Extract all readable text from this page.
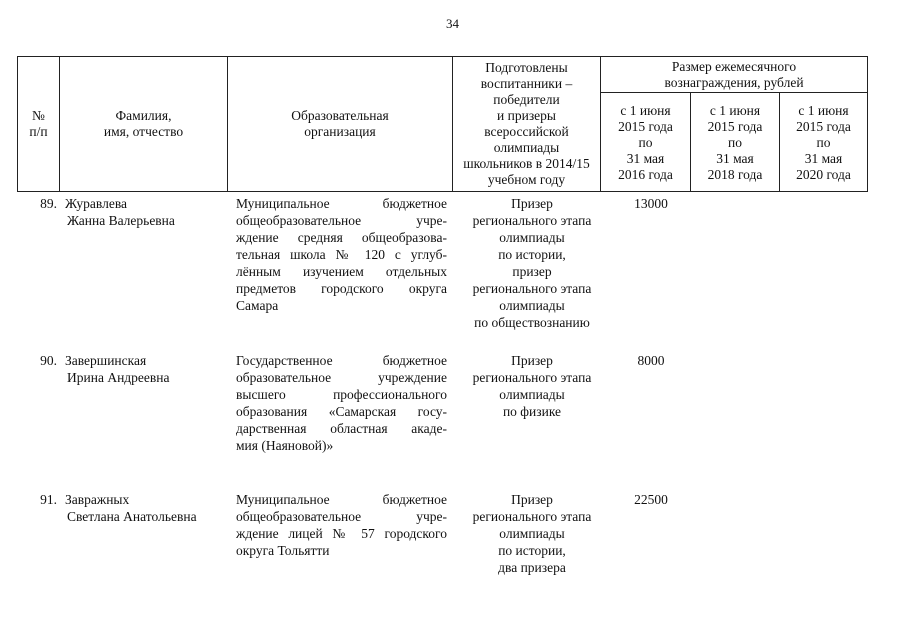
34
№
п/п
Фамилия,
имя, отчество
Образовательная
организация
Подготовлены
воспитанники –
победители
и призеры
всероссийской
олимпиады
школьников в 2014/15
учебном году
Размер ежемесячного
вознаграждения, рублей
с 1 июня
2015 года
по
31 мая
2016 года
с 1 июня
2015 года
по
31 мая
2018 года
с 1 июня
2015 года
по
31 мая
2020 года
89. Журавлева
Жанна Валерьевна
Муниципальное бюджетное
общеобразовательное учре-
ждение средняя общеобразова-
тельная школа № 120 с углуб-
лённым изучением отдельных
предметов городского округа
Самара
Призер
регионального этапа
олимпиады
по истории,
призер
регионального этапа
олимпиады
по обществознанию
13000
90. Завершинская
Ирина Андреевна
Государственное бюджетное
образовательное учреждение
высшего профессионального
образования «Самарская госу-
дарственная областная акаде-
мия (Наяновой)»
Призер
регионального этапа
олимпиады
по физике
8000
91. Завражных
Светлана Анатольевна
Муниципальное бюджетное
общеобразовательное учре-
ждение лицей № 57 городского
округа Тольятти
Призер
регионального этапа
олимпиады
по истории,
два призера
22500
